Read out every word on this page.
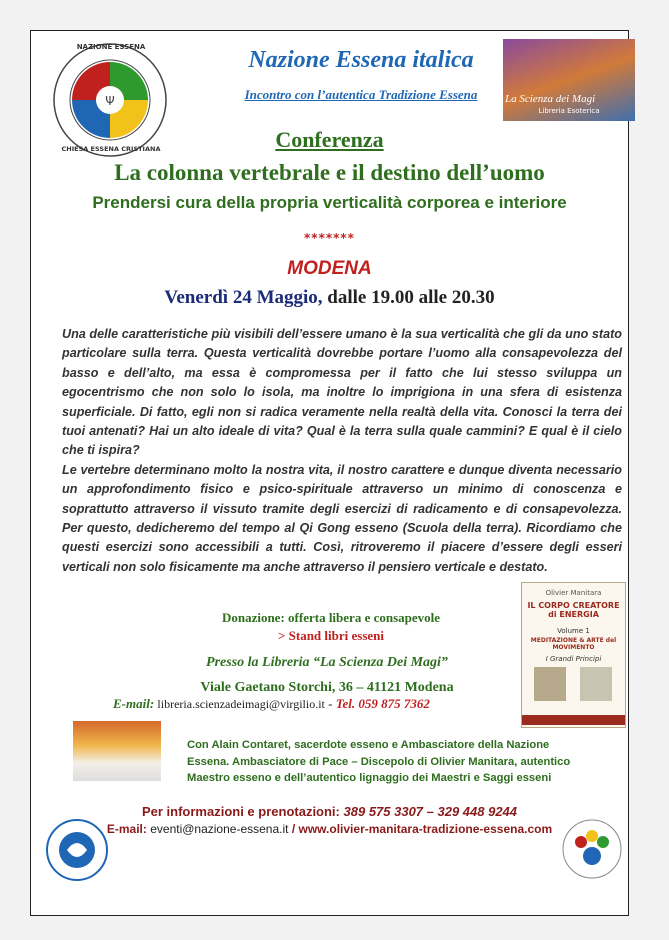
Ψ
NAZIONE ESSENA
CHIESA ESSENA CRISTIANA
Nazione Essena italica
Incontro con l’autentica Tradizione Essena	La Scienza dei Magi
Libreria Esoterica
Conferenza
La colonna vertebrale e il destino dell’uomo
Prendersi cura della propria verticalità corporea e interiore
*******
MODENA
Venerdì 24 Maggio, dalle 19.00 alle 20.30

Una delle caratteristiche più visibili dell’essere umano è la sua verticalità che gli da uno stato particolare sulla terra. Questa verticalità dovrebbe portare l’uomo alla consapevolezza del basso e dell’alto, ma essa è compromessa per il fatto che lui stesso sviluppa un egocentrismo che non solo lo isola, ma inoltre lo imprigiona in una sfera di esistenza superficiale. Di fatto, egli non si radica veramente nella realtà della vita. Conosci la terra dei tuoi antenati? Hai un alto ideale di vita? Qual è la terra sulla quale cammini? E qual è il cielo che ti ispira?

Le vertebre determinano molto la nostra vita, il nostro carattere e dunque diventa necessario un approfondimento fisico e psico-spirituale attraverso un minimo di conoscenza e soprattutto attraverso il vissuto tramite degli esercizi di radicamento e di consapevolezza. Per questo, dedicheremo del tempo al Qi Gong esseno (Scuola della terra). Ricordiamo che questi esercizi sono accessibili a tutti. Così, ritroveremo il piacere d’essere degli esseri verticali non solo fisicamente ma anche attraverso il pensiero verticale e destato.

Donazione: offerta libera e consapevole
> Stand libri esseni
Olivier Manitara
IL CORPO CREATORE di ENERGIA
Volume 1
MEDITAZIONE & ARTE del MOVIMENTO
I Grandi Principi
Presso la Libreria “La Scienza Dei Magi”
Viale Gaetano Storchi, 36 – 41121 Modena
E-mail: libreria.scienzadeimagi@virgilio.it - Tel. 059 875 7362
Con Alain Contaret, sacerdote esseno e Ambasciatore della Nazione Essena. Ambasciatore di Pace – Discepolo di Olivier Manitara, autentico Maestro esseno e dell’autentico lignaggio dei Maestri e Saggi esseni
Per informazioni e prenotazioni: 389 575 3307 – 329 448 9244
E-mail: eventi@nazione-essena.it / www.olivier-manitara-tradizione-essena.com
